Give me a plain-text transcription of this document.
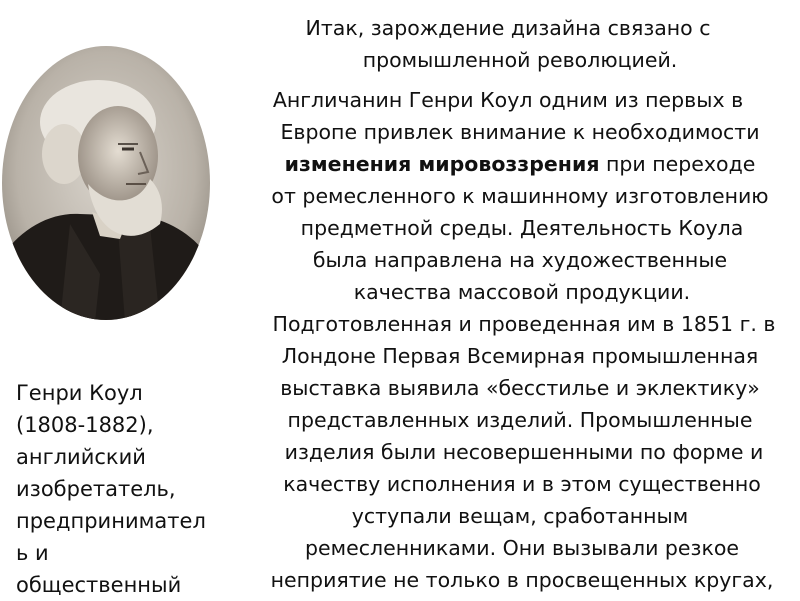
Генри Коул
(1808-1882),
английский
изобретатель,
предпринимател
ь и
общественный
Итак, зарождение дизайна связано с
промышленной революцией.
Англичанин Генри Коул одним из первых в
Европе привлек внимание к необходимости
изменения мировоззрения при переходе
от ремесленного к машинному изготовлению
предметной среды. Деятельность Коула
была направлена на художественные
качества массовой продукции.
Подготовленная и проведенная им в 1851 г. в
Лондоне Первая Всемирная промышленная
выставка выявила «бесстилье и эклектику»
представленных изделий. Промышленные
изделия были несовершенными по форме и
качеству исполнения и в этом существенно
уступали вещам, сработанным
ремесленниками. Они вызывали резкое
неприятие не только в просвещенных кругах,
